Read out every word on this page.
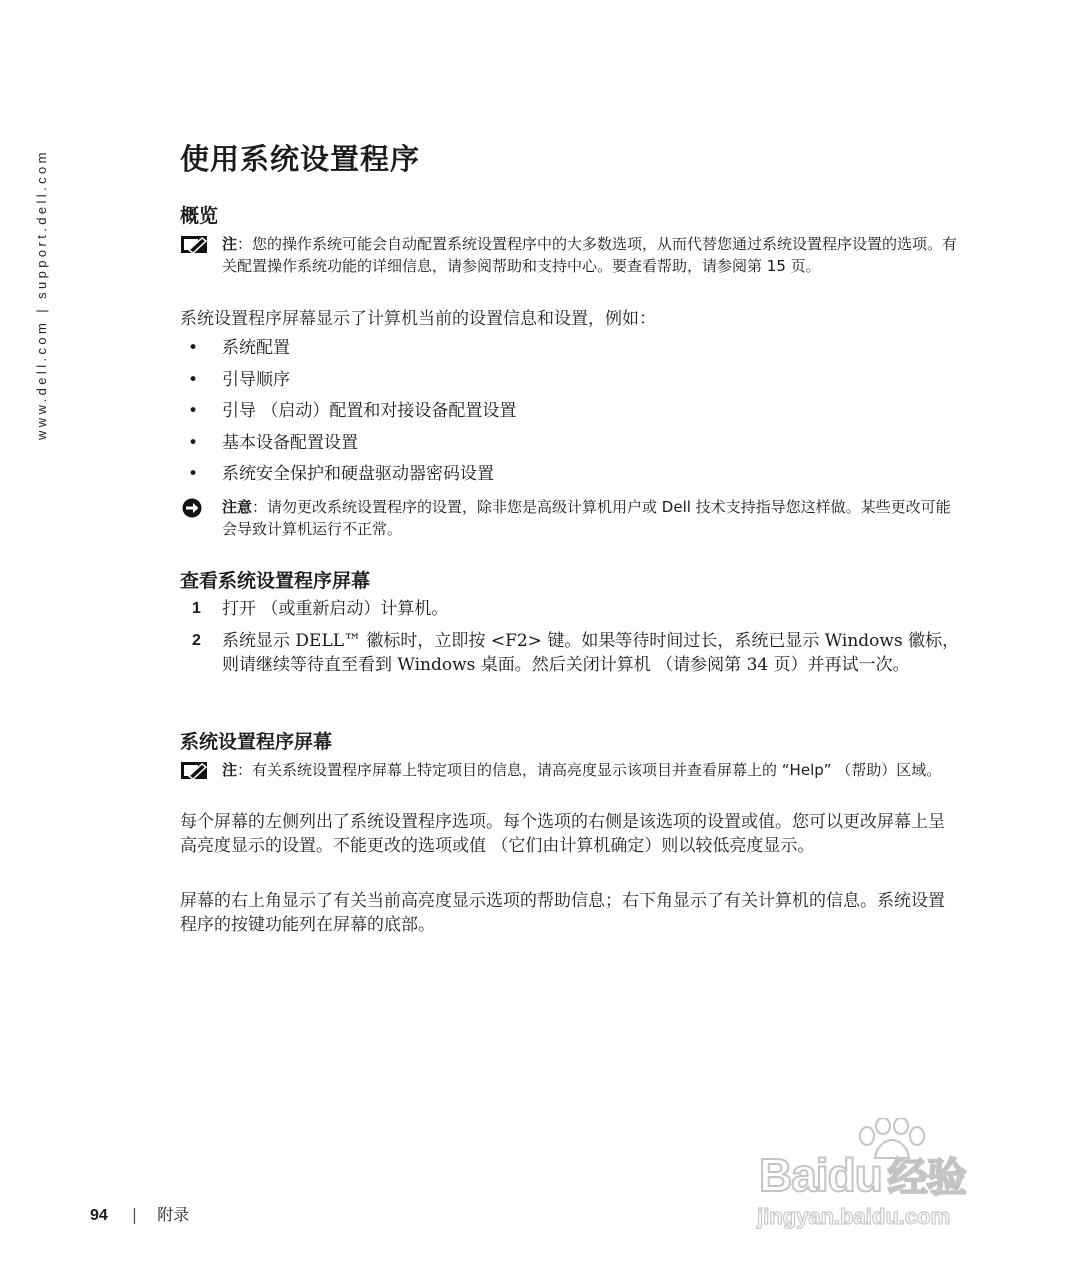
www.dell.com | support.dell.com	使用系统设置程序
概览
注：您的操作系统可能会自动配置系统设置程序中的大多数选项，从而代替您通过系统设置程序设置的选项。有关配置操作系统功能的详细信息，请参阅帮助和支持中心。要查看帮助，请参阅第 15 页。
系统设置程序屏幕显示了计算机当前的设置信息和设置，例如：
• 系统配置
• 引导顺序
• 引导 （启动）配置和对接设备配置设置
• 基本设备配置设置
• 系统安全保护和硬盘驱动器密码设置
注意：请勿更改系统设置程序的设置，除非您是高级计算机用户或 Dell 技术支持指导您这样做。某些更改可能会导致计算机运行不正常。
查看系统设置程序屏幕
1 打开 （或重新启动）计算机。
2 系统显示 DELL™ 徽标时，立即按 <F2> 键。如果等待时间过长，系统已显示 Windows 徽标，则请继续等待直至看到 Windows 桌面。然后关闭计算机 （请参阅第 34 页）并再试一次。
系统设置程序屏幕
注：有关系统设置程序屏幕上特定项目的信息，请高亮度显示该项目并查看屏幕上的 “Help” （帮助）区域。
每个屏幕的左侧列出了系统设置程序选项。每个选项的右侧是该选项的设置或值。您可以更改屏幕上呈高亮度显示的设置。不能更改的选项或值 （它们由计算机确定）则以较低亮度显示。
屏幕的右上角显示了有关当前高亮度显示选项的帮助信息；右下角显示了有关计算机的信息。系统设置程序的按键功能列在屏幕的底部。
94 | 附录
Baidu 经验
jingyan.baidu.com
